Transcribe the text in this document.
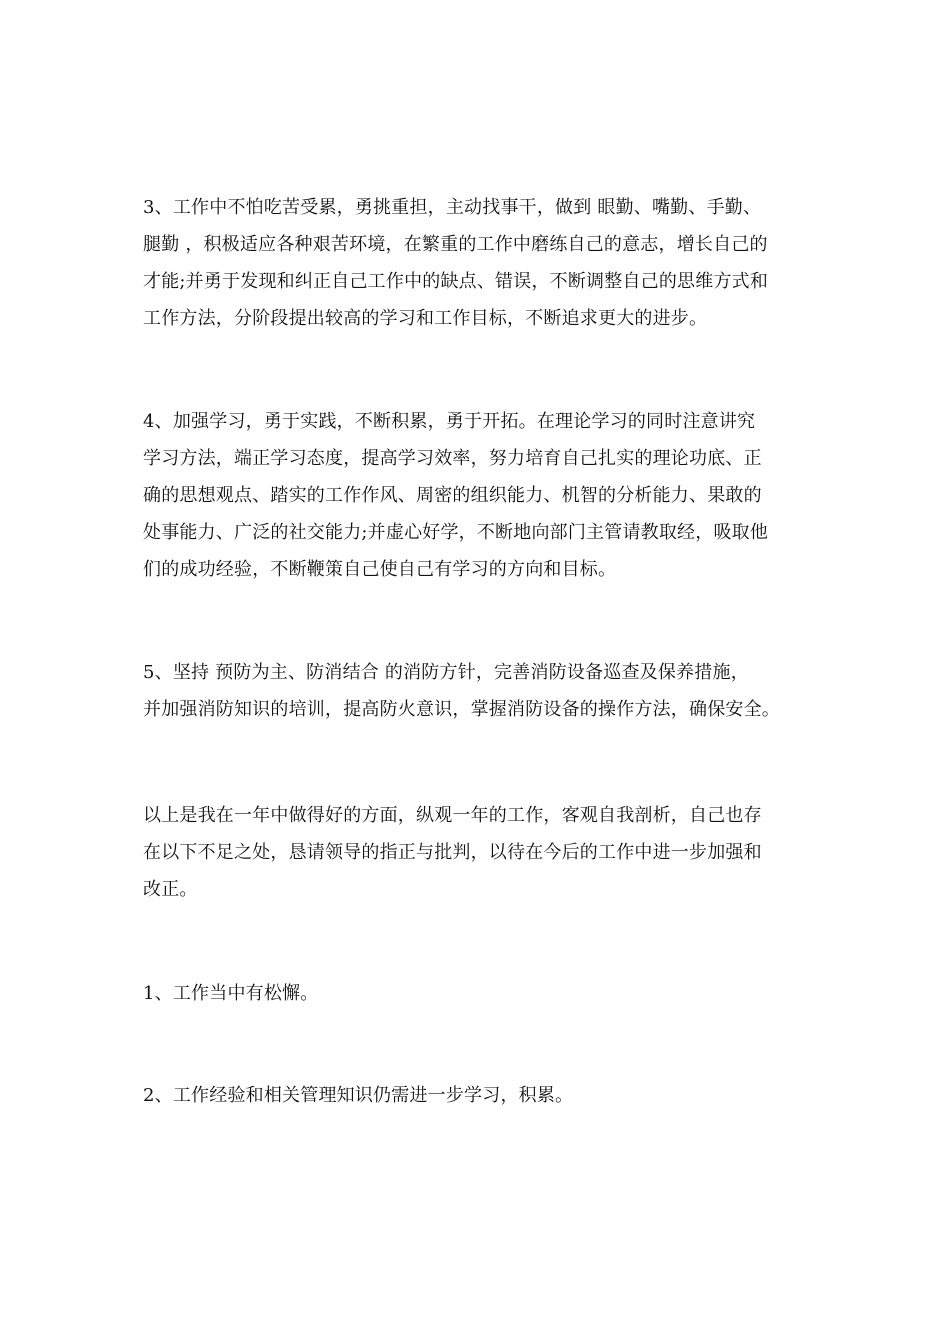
3、工作中不怕吃苦受累，勇挑重担，主动找事干，做到 眼勤、嘴勤、手勤、
腿勤 ，积极适应各种艰苦环境，在繁重的工作中磨练自己的意志，增长自己的
才能;并勇于发现和纠正自己工作中的缺点、错误，不断调整自己的思维方式和
工作方法，分阶段提出较高的学习和工作目标，不断追求更大的进步。
4、加强学习，勇于实践，不断积累，勇于开拓。在理论学习的同时注意讲究
学习方法，端正学习态度，提高学习效率，努力培育自己扎实的理论功底、正
确的思想观点、踏实的工作作风、周密的组织能力、机智的分析能力、果敢的
处事能力、广泛的社交能力;并虚心好学，不断地向部门主管请教取经，吸取他
们的成功经验，不断鞭策自己使自己有学习的方向和目标。
5、坚持 预防为主、防消结合 的消防方针，完善消防设备巡查及保养措施，
并加强消防知识的培训，提高防火意识，掌握消防设备的操作方法，确保安全。
以上是我在一年中做得好的方面，纵观一年的工作，客观自我剖析，自己也存
在以下不足之处，恳请领导的指正与批判，以待在今后的工作中进一步加强和
改正。
1、工作当中有松懈。
2、工作经验和相关管理知识仍需进一步学习，积累。
